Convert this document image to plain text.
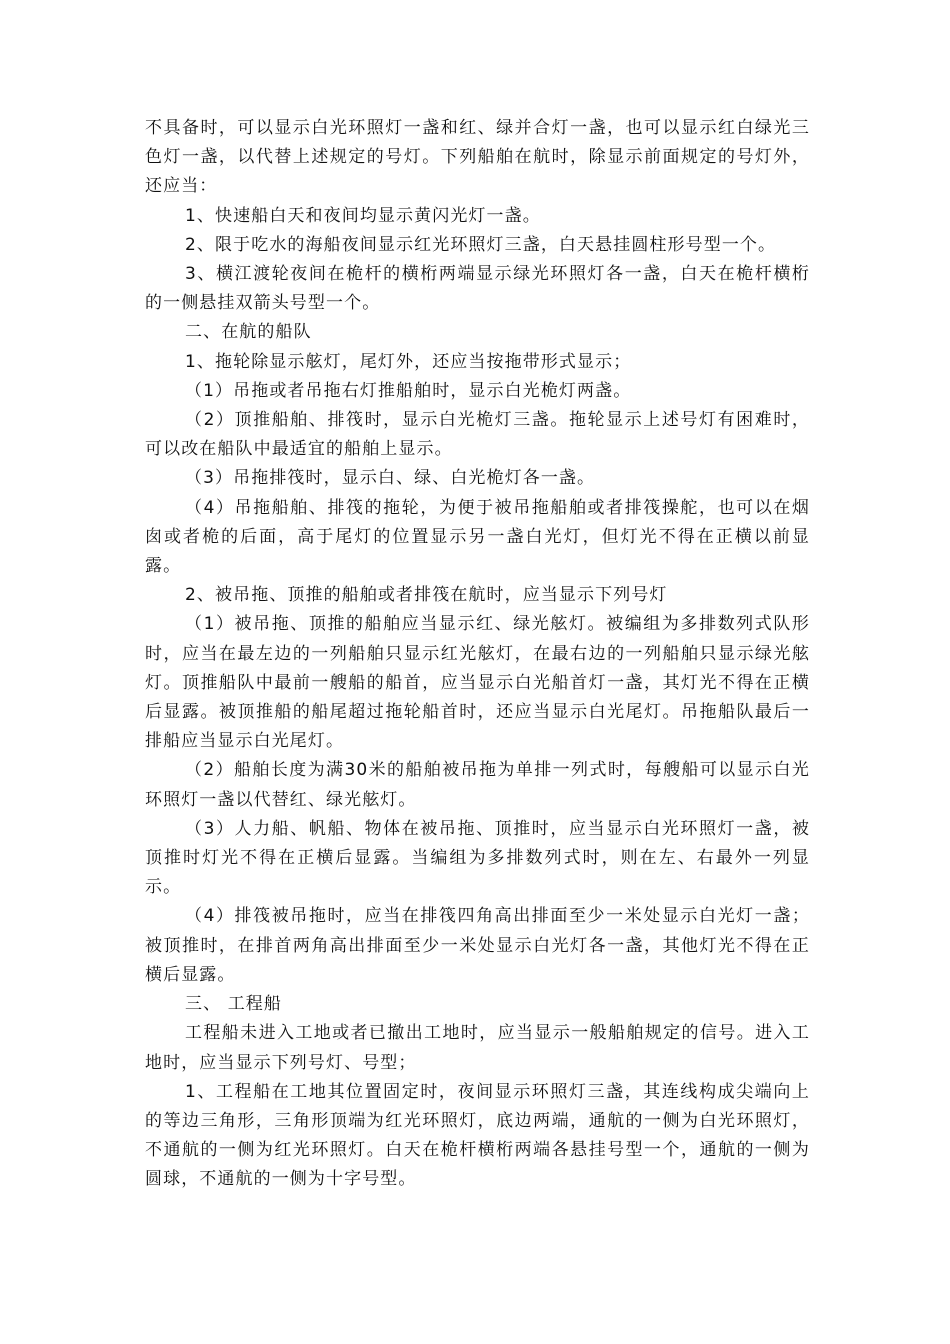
不具备时，可以显示白光环照灯一盏和红、绿并合灯一盏，也可以显示红白绿光三色灯一盏，以代替上述规定的号灯。下列船舶在航时，除显示前面规定的号灯外，还应当：

1、快速船白天和夜间均显示黄闪光灯一盏。

2、限于吃水的海船夜间显示红光环照灯三盏，白天悬挂圆柱形号型一个。

3、横江渡轮夜间在桅杆的横桁两端显示绿光环照灯各一盏，白天在桅杆横桁的一侧悬挂双箭头号型一个。

二、在航的船队

1、拖轮除显示舷灯，尾灯外，还应当按拖带形式显示；

（1）吊拖或者吊拖右灯推船舶时，显示白光桅灯两盏。

（2）顶推船舶、排筏时，显示白光桅灯三盏。拖轮显示上述号灯有困难时，可以改在船队中最适宜的船舶上显示。

（3）吊拖排筏时，显示白、绿、白光桅灯各一盏。

（4）吊拖船舶、排筏的拖轮，为便于被吊拖船舶或者排筏操舵，也可以在烟囱或者桅的后面，高于尾灯的位置显示另一盏白光灯，但灯光不得在正横以前显露。

2、被吊拖、顶推的船舶或者排筏在航时，应当显示下列号灯

（1）被吊拖、顶推的船舶应当显示红、绿光舷灯。被编组为多排数列式队形时，应当在最左边的一列船舶只显示红光舷灯，在最右边的一列船舶只显示绿光舷灯。顶推船队中最前一艘船的船首，应当显示白光船首灯一盏，其灯光不得在正横后显露。被顶推船的船尾超过拖轮船首时，还应当显示白光尾灯。吊拖船队最后一排船应当显示白光尾灯。

（2）船舶长度为满30米的船舶被吊拖为单排一列式时，每艘船可以显示白光环照灯一盏以代替红、绿光舷灯。

（3）人力船、帆船、物体在被吊拖、顶推时，应当显示白光环照灯一盏，被顶推时灯光不得在正横后显露。当编组为多排数列式时，则在左、右最外一列显示。

（4）排筏被吊拖时，应当在排筏四角高出排面至少一米处显示白光灯一盏；被顶推时，在排首两角高出排面至少一米处显示白光灯各一盏，其他灯光不得在正横后显露。

三、 工程船

工程船未进入工地或者已撤出工地时，应当显示一般船舶规定的信号。进入工地时，应当显示下列号灯、号型；

1、工程船在工地其位置固定时，夜间显示环照灯三盏，其连线构成尖端向上的等边三角形，三角形顶端为红光环照灯，底边两端，通航的一侧为白光环照灯，不通航的一侧为红光环照灯。白天在桅杆横桁两端各悬挂号型一个，通航的一侧为圆球，不通航的一侧为十字号型。
